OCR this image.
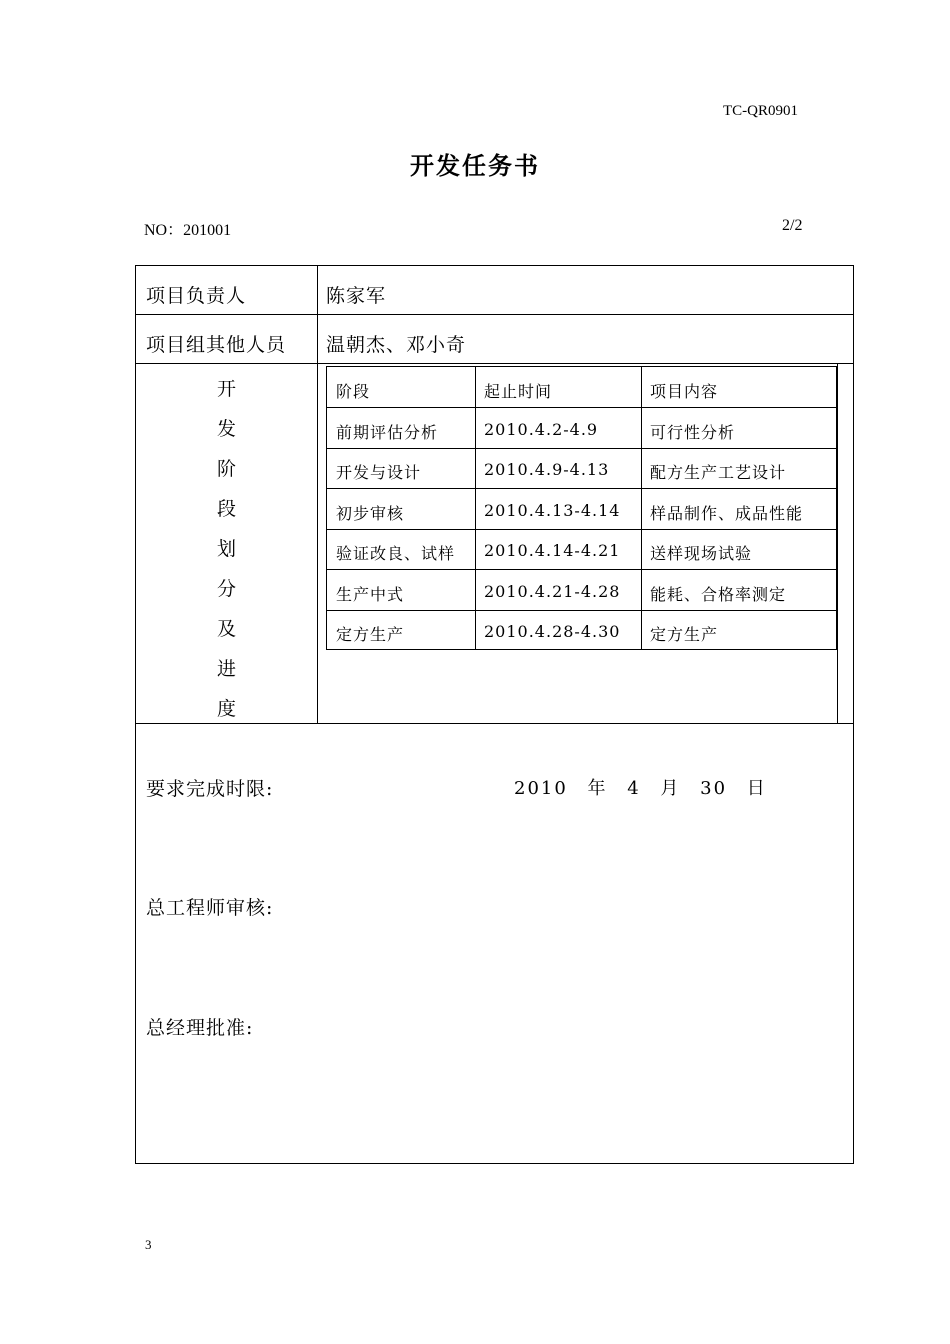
TC-QR0901
开发任务书
NO：201001	2/2
项目负责人	陈家军
项目组其他人员 温朝杰、邓小奇
开
发
阶
段
划
分
及
进
度
阶段	起止时间	项目内容
前期评估分析	2010.4.2-4.9	可行性分析
开发与设计	2010.4.9-4.13	配方生产工艺设计
初步审核	2010.4.13-4.14 样品制作、成品性能
验证改良、试样 2010.4.14-4.21 送样现场试验
生产中式	2010.4.21-4.28 能耗、合格率测定
定方生产	2010.4.28-4.30 定方生产
要求完成时限:	2010 年 4 月 30 日
总工程师审核:
总经理批准:
3
